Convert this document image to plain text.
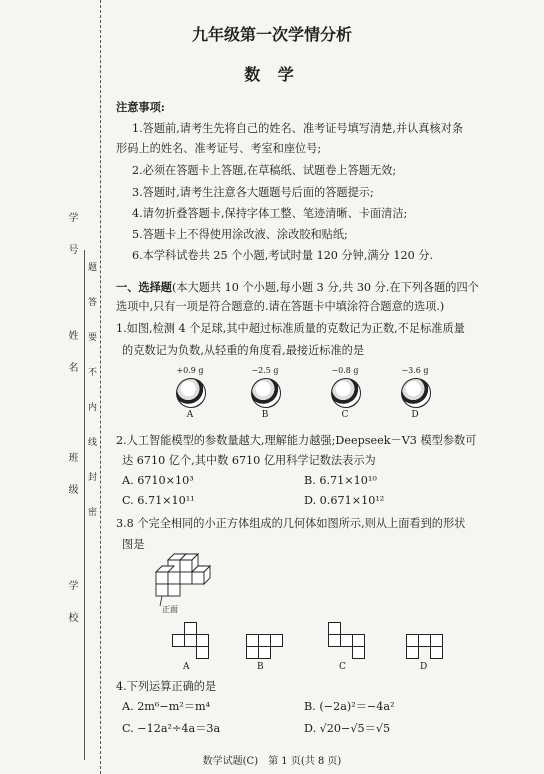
学　号
姓　名
班　级
学　校
题
答
要
不
内
线
封
密
九年级第一次学情分析
数 学
注意事项:
1.答题前,请考生先将自己的姓名、准考证号填写清楚,并认真核对条
形码上的姓名、准考证号、考室和座位号;
2.必须在答题卡上答题,在草稿纸、试题卷上答题无效;
3.答题时,请考生注意各大题题号后面的答题提示;
4.请勿折叠答题卡,保持字体工整、笔迹清晰、卡面清洁;
5.答题卡上不得使用涂改液、涂改胶和贴纸;
6.本学科试卷共 25 个小题,考试时量 120 分钟,满分 120 分.
一、选择题(本大题共 10 个小题,每小题 3 分,共 30 分.在下列各题的四个
选项中,只有一项是符合题意的.请在答题卡中填涂符合题意的选项.)
1.如图,检测 4 个足球,其中超过标准质量的克数记为正数,不足标准质量
的克数记为负数,从轻重的角度看,最接近标准的是
+0.9 g
A
−2.5 g
B
−0.8 g
C
−3.6 g
D
2.人工智能模型的参数量越大,理解能力越强;Deepseek－V3 模型参数可
达 6710 亿个,其中数 6710 亿用科学记数法表示为
A. 6710×10³	B. 6.71×10¹⁰
C. 6.71×10¹¹	D. 0.671×10¹²
3.8 个完全相同的小正方体组成的几何体如图所示,则从上面看到的形状
图是
正面
A	B	C	D
4.下列运算正确的是
A. 2m⁶−m²＝m⁴	B. (−2a)²＝−4a²
C. −12a²÷4a＝3a	D. √20−√5＝√5
数学试题(C)　第 1 页(共 8 页)
